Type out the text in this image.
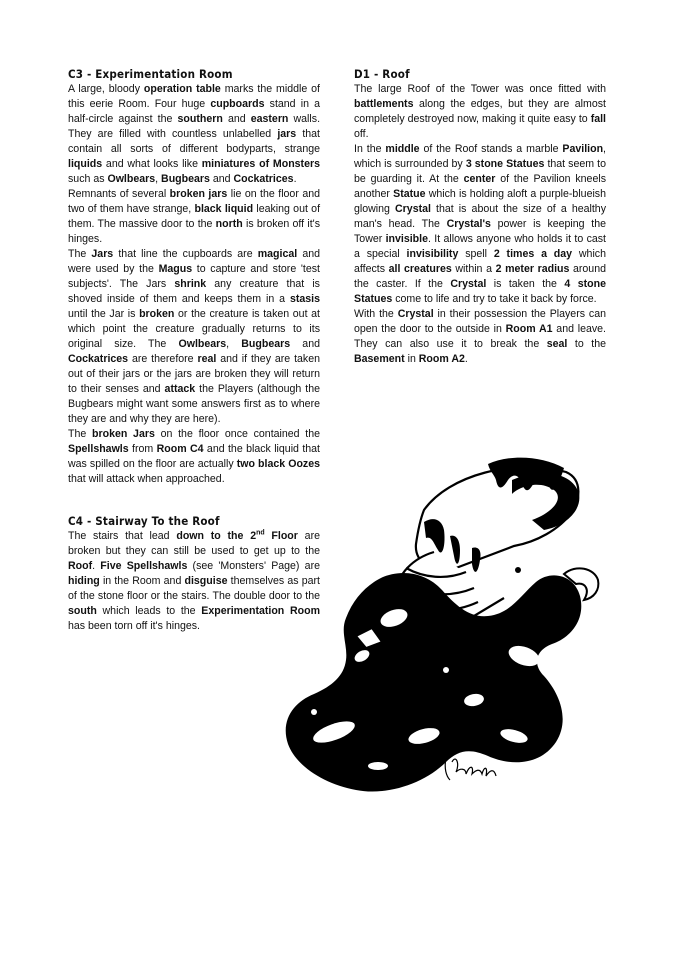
C3 - Experimentation Room

A large, bloody operation table marks the middle of this eerie Room. Four huge cupboards stand in a half-circle against the southern and eastern walls. They are filled with countless unlabelled jars that contain all sorts of different bodyparts, strange liquids and what looks like miniatures of Monsters such as Owlbears, Bugbears and Cockatrices.

Remnants of several broken jars lie on the floor and two of them have strange, black liquid leaking out of them. The massive door to the north is broken off it's hinges.

The Jars that line the cupboards are magical and were used by the Magus to capture and store 'test subjects'. The Jars shrink any creature that is shoved inside of them and keeps them in a stasis until the Jar is broken or the creature is taken out at which point the creature gradually returns to its original size. The Owlbears, Bugbears and Cockatrices are therefore real and if they are taken out of their jars or the jars are broken they will return to their senses and attack the Players (although the Bugbears might want some answers first as to where they are and why they are here).

The broken Jars on the floor once contained the Spellshawls from Room C4 and the black liquid that was spilled on the floor are actually two black Oozes that will attack when approached.

C4 - Stairway To the Roof

The stairs that lead down to the 2nd Floor are broken but they can still be used to get up to the Roof. Five Spellshawls (see 'Monsters' Page) are hiding in the Room and disguise themselves as part of the stone floor or the stairs. The double door to the south which leads to the Experimentation Room has been torn off it's hinges.

D1 - Roof

The large Roof of the Tower was once fitted with battlements along the edges, but they are almost completely destroyed now, making it quite easy to fall off.

In the middle of the Roof stands a marble Pavilion, which is surrounded by 3 stone Statues that seem to be guarding it. At the center of the Pavilion kneels another Statue which is holding aloft a purple-blueish glowing Crystal that is about the size of a healthy man's head. The Crystal's power is keeping the Tower invisible. It allows anyone who holds it to cast a special invisibility spell 2 times a day which affects all creatures within a 2 meter radius around the caster. If the Crystal is taken the 4 stone Statues come to life and try to take it back by force.

With the Crystal in their possession the Players can open the door to the outside in Room A1 and leave. They can also use it to break the seal to the Basement in Room A2.
